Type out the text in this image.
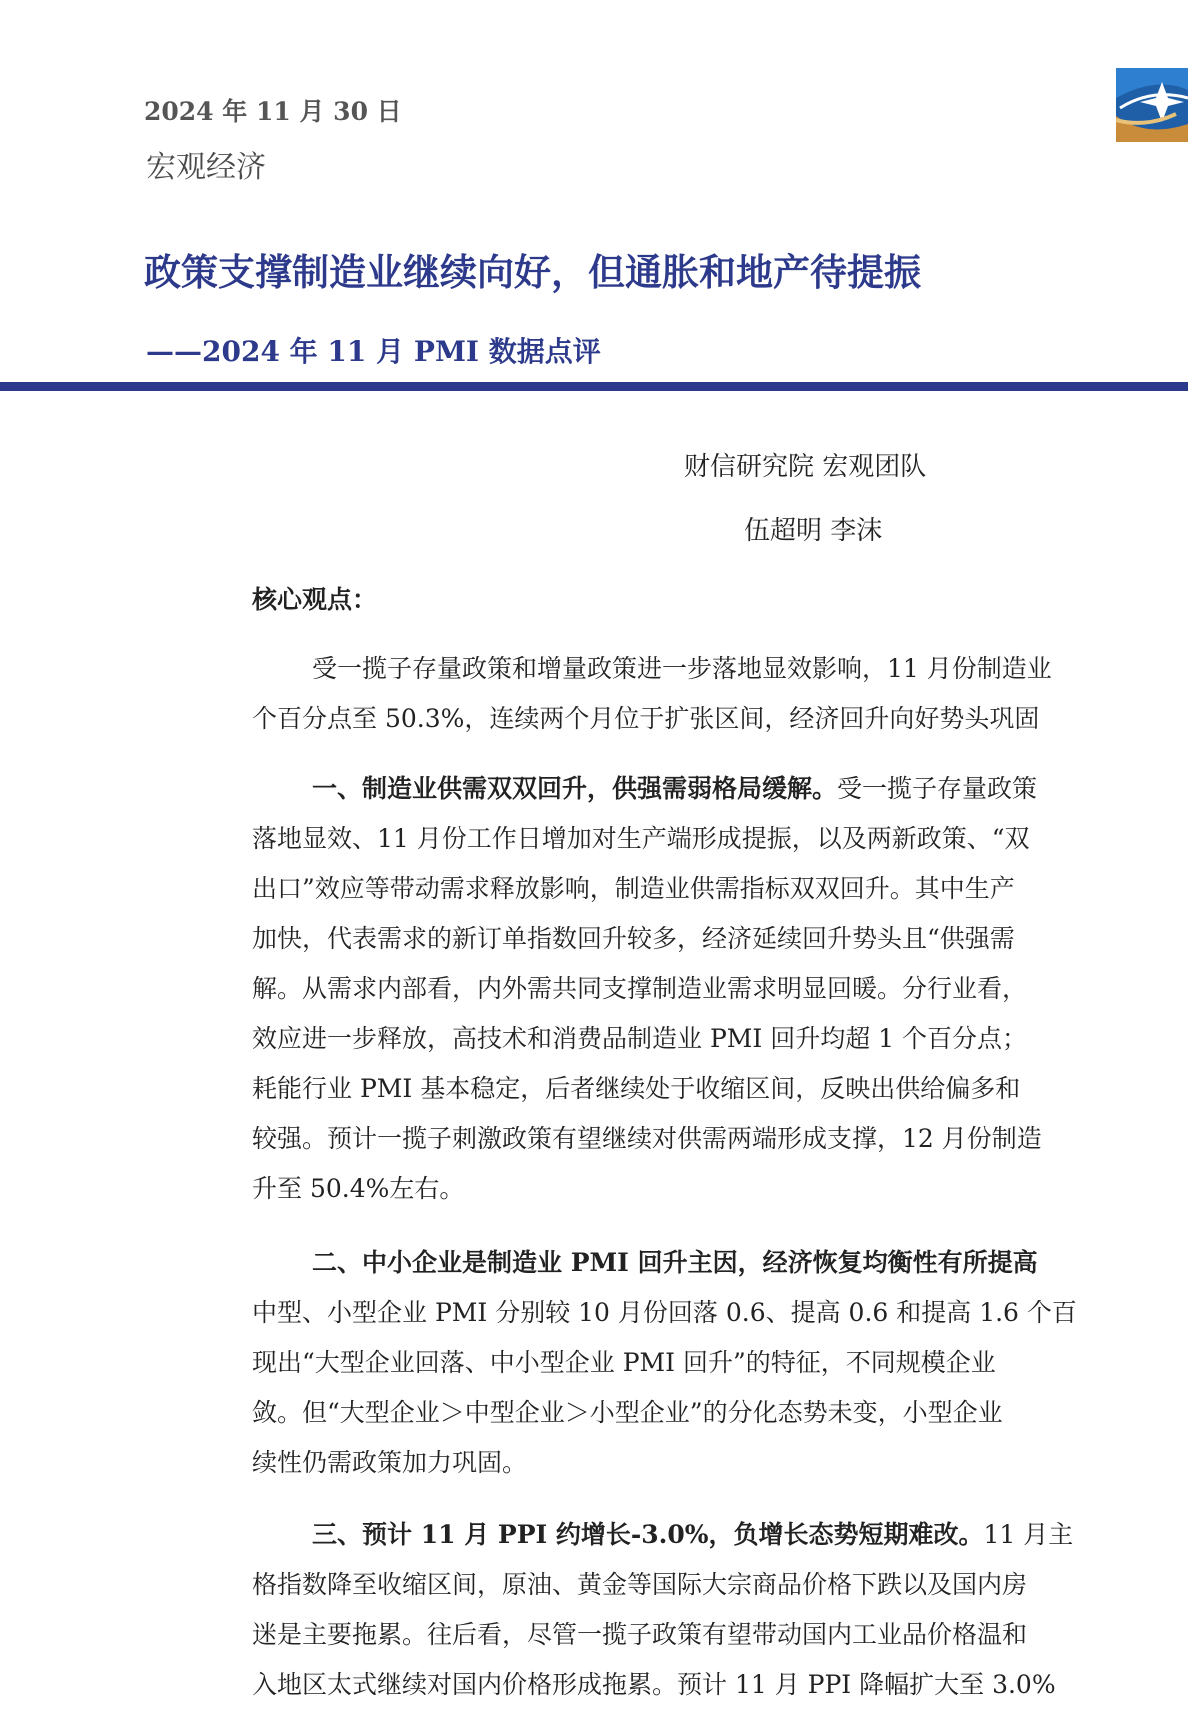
2024 年 11 月 30 日
宏观经济
政策支撑制造业继续向好，但通胀和地产待提振
——2024 年 11 月 PMI 数据点评
财信研究院 宏观团队
伍超明 李沫
核心观点：
受一揽子存量政策和增量政策进一步落地显效影响，11 月份制造业
个百分点至 50.3%，连续两个月位于扩张区间，经济回升向好势头巩固
一、制造业供需双双回升，供强需弱格局缓解。受一揽子存量政策
落地显效、11 月份工作日增加对生产端形成提振，以及两新政策、“双
出口”效应等带动需求释放影响，制造业供需指标双双回升。其中生产
加快，代表需求的新订单指数回升较多，经济延续回升势头且“供强需
解。从需求内部看，内外需共同支撑制造业需求明显回暖。分行业看，
效应进一步释放，高技术和消费品制造业 PMI 回升均超 1 个百分点；
耗能行业 PMI 基本稳定，后者继续处于收缩区间，反映出供给偏多和
较强。预计一揽子刺激政策有望继续对供需两端形成支撑，12 月份制造
升至 50.4%左右。
二、中小企业是制造业 PMI 回升主因，经济恢复均衡性有所提高
中型、小型企业 PMI 分别较 10 月份回落 0.6、提高 0.6 和提高 1.6 个百
现出“大型企业回落、中小型企业 PMI 回升”的特征，不同规模企业
敛。但“大型企业＞中型企业＞小型企业”的分化态势未变，小型企业
续性仍需政策加力巩固。
三、预计 11 月 PPI 约增长-3.0%，负增长态势短期难改。11 月主
格指数降至收缩区间，原油、黄金等国际大宗商品价格下跌以及国内房
迷是主要拖累。往后看，尽管一揽子政策有望带动国内工业品价格温和
入地区太式继续对国内价格形成拖累。预计 11 月 PPI 降幅扩大至 3.0%
